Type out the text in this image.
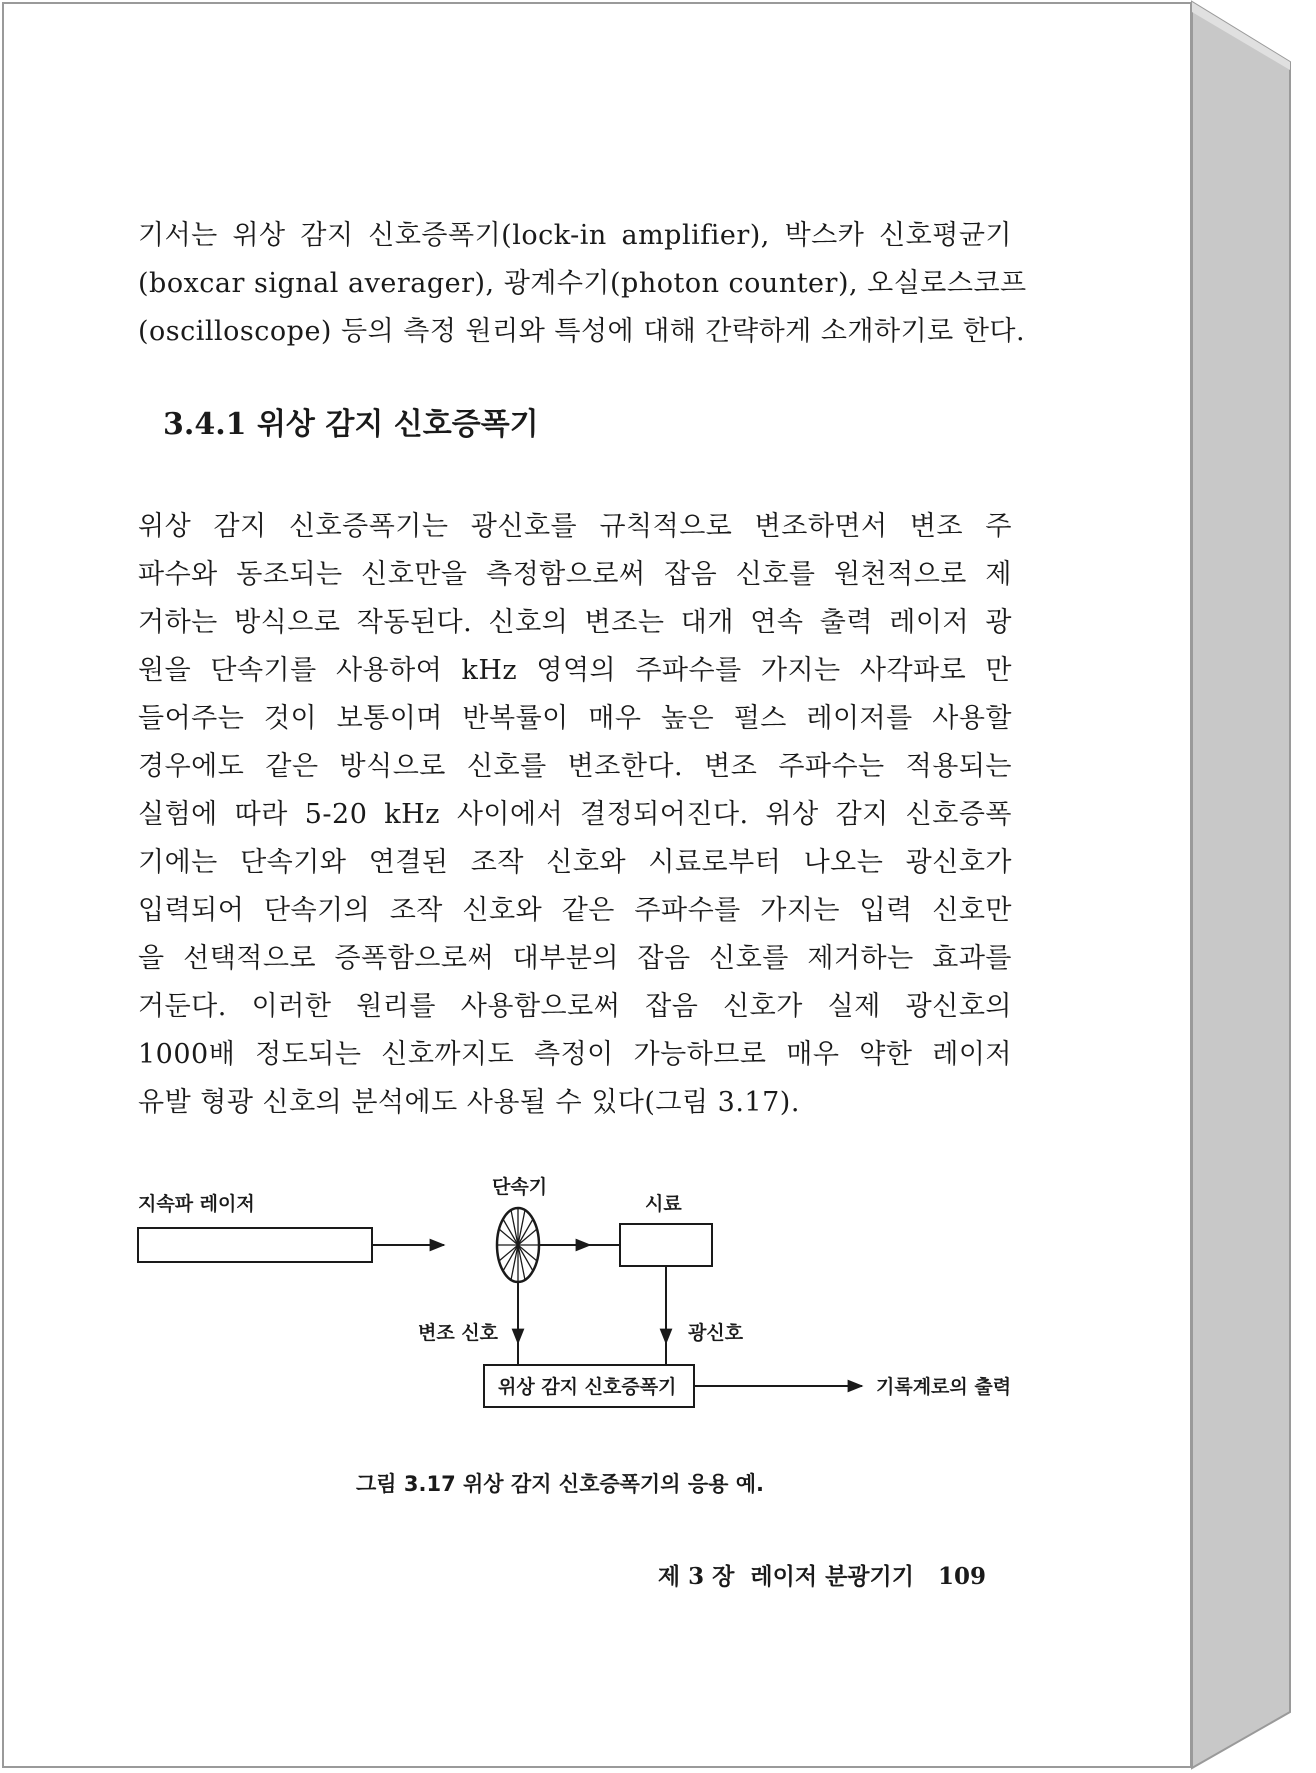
기서는 위상 감지 신호증폭기(lock-in amplifier), 박스카 신호평균기
(boxcar signal averager), 광계수기(photon counter), 오실로스코프
(oscilloscope) 등의 측정 원리와 특성에 대해 간략하게 소개하기로 한다.
3.4.1 위상 감지 신호증폭기
위상 감지 신호증폭기는 광신호를 규칙적으로 변조하면서 변조 주
파수와 동조되는 신호만을 측정함으로써 잡음 신호를 원천적으로 제
거하는 방식으로 작동된다. 신호의 변조는 대개 연속 출력 레이저 광
원을 단속기를 사용하여 kHz 영역의 주파수를 가지는 사각파로 만
들어주는 것이 보통이며 반복률이 매우 높은 펄스 레이저를 사용할
경우에도 같은 방식으로 신호를 변조한다. 변조 주파수는 적용되는
실험에 따라 5-20 kHz 사이에서 결정되어진다. 위상 감지 신호증폭
기에는 단속기와 연결된 조작 신호와 시료로부터 나오는 광신호가
입력되어 단속기의 조작 신호와 같은 주파수를 가지는 입력 신호만
을 선택적으로 증폭함으로써 대부분의 잡음 신호를 제거하는 효과를
거둔다. 이러한 원리를 사용함으로써 잡음 신호가 실제 광신호의
1000배 정도되는 신호까지도 측정이 가능하므로 매우 약한 레이저
유발 형광 신호의 분석에도 사용될 수 있다(그림 3.17).
지속파 레이저
단속기
시료
변조 신호	광신호
위상 감지 신호증폭기	기록계로의 출력

그림 3.17 위상 감지 신호증폭기의 응용 예.

제 3 장 레이저 분광기기 109
